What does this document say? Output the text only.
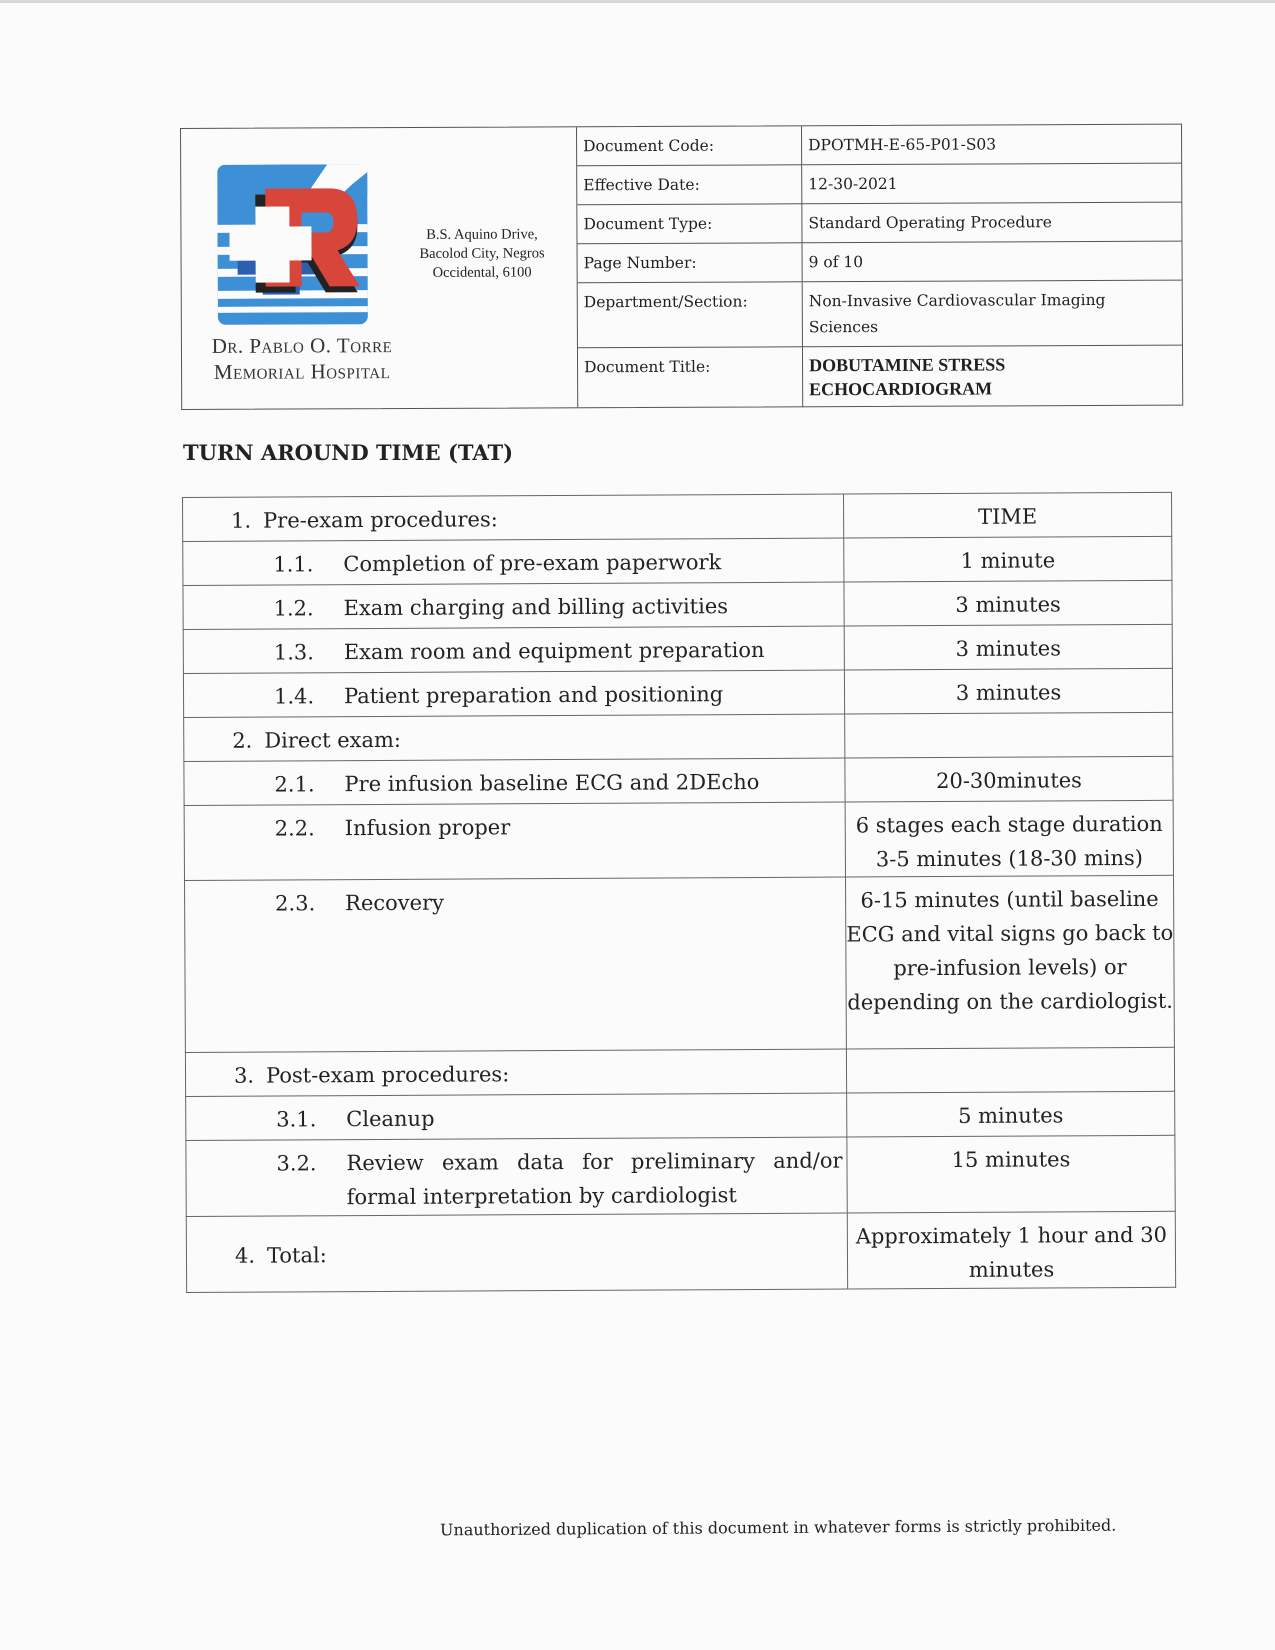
Dr. Pablo O. Torre
Memorial Hospital
B.S. Aquino Drive, Bacolod City, Negros Occidental, 6100
Document Code:	DPOTMH-E-65-P01-S03
Effective Date:	12-30-2021
Document Type:	Standard Operating Procedure
Page Number:	9 of 10
Department/Section:	Non-Invasive Cardiovascular Imaging Sciences
Document Title:	DOBUTAMINE STRESS ECHOCARDIOGRAM
TURN AROUND TIME (TAT)
1. Pre-exam procedures:	TIME

1.1. Completion of pre-exam paperwork	1 minute

1.2. Exam charging and billing activities	3 minutes

1.3. Exam room and equipment preparation	3 minutes

1.4. Patient preparation and positioning	3 minutes

2. Direct exam:	

2.1. Pre infusion baseline ECG and 2DEcho	20-30minutes

2.2. Infusion proper	6 stages each stage duration 3-5 minutes (18-30 mins)

2.3. Recovery	6-15 minutes (until baseline ECG and vital signs go back to pre-infusion levels) or depending on the cardiologist.

3. Post-exam procedures:	

3.1. Cleanup	5 minutes

3.2. Review exam data for preliminary and/or formal interpretation by cardiologist	15 minutes

4. Total:	Approximately 1 hour and 30 minutes
Unauthorized duplication of this document in whatever forms is strictly prohibited.
